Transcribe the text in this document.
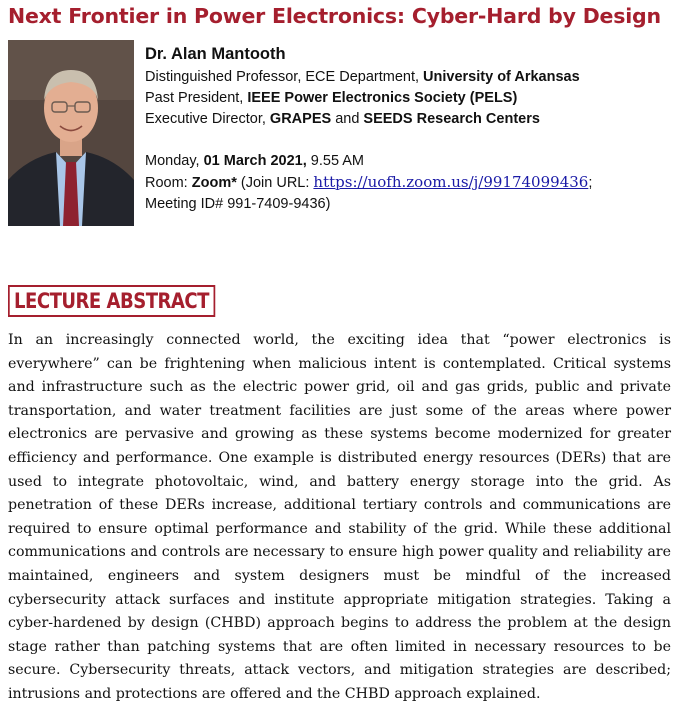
Next Frontier in Power Electronics: Cyber-Hard by Design
Dr. Alan Mantooth
Distinguished Professor, ECE Department, University of Arkansas
Past President, IEEE Power Electronics Society (PELS)
Executive Director, GRAPES and SEEDS Research Centers
Monday, 01 March 2021, 9.55 AM
Room: Zoom* (Join URL: https://uofh.zoom.us/j/99174099436;
Meeting ID# 991-7409-9436)
LECTURE ABSTRACT

In an increasingly connected world, the exciting idea that “power electronics is everywhere” can be frightening when malicious intent is contemplated. Critical systems and infrastructure such as the electric power grid, oil and gas grids, public and private transportation, and water treatment facilities are just some of the areas where power electronics are pervasive and growing as these systems become modernized for greater efficiency and performance. One example is distributed energy resources (DERs) that are used to integrate photovoltaic, wind, and battery energy storage into the grid. As penetration of these DERs increase, additional tertiary controls and communications are required to ensure optimal performance and stability of the grid. While these additional communications and controls are necessary to ensure high power quality and reliability are maintained, engineers and system designers must be mindful of the increased cybersecurity attack surfaces and institute appropriate mitigation strategies. Taking a cyber-hardened by design (CHBD) approach begins to address the problem at the design stage rather than patching systems that are often limited in necessary resources to be secure. Cybersecurity threats, attack vectors, and mitigation strategies are described; intrusions and protections are offered and the CHBD approach explained.
